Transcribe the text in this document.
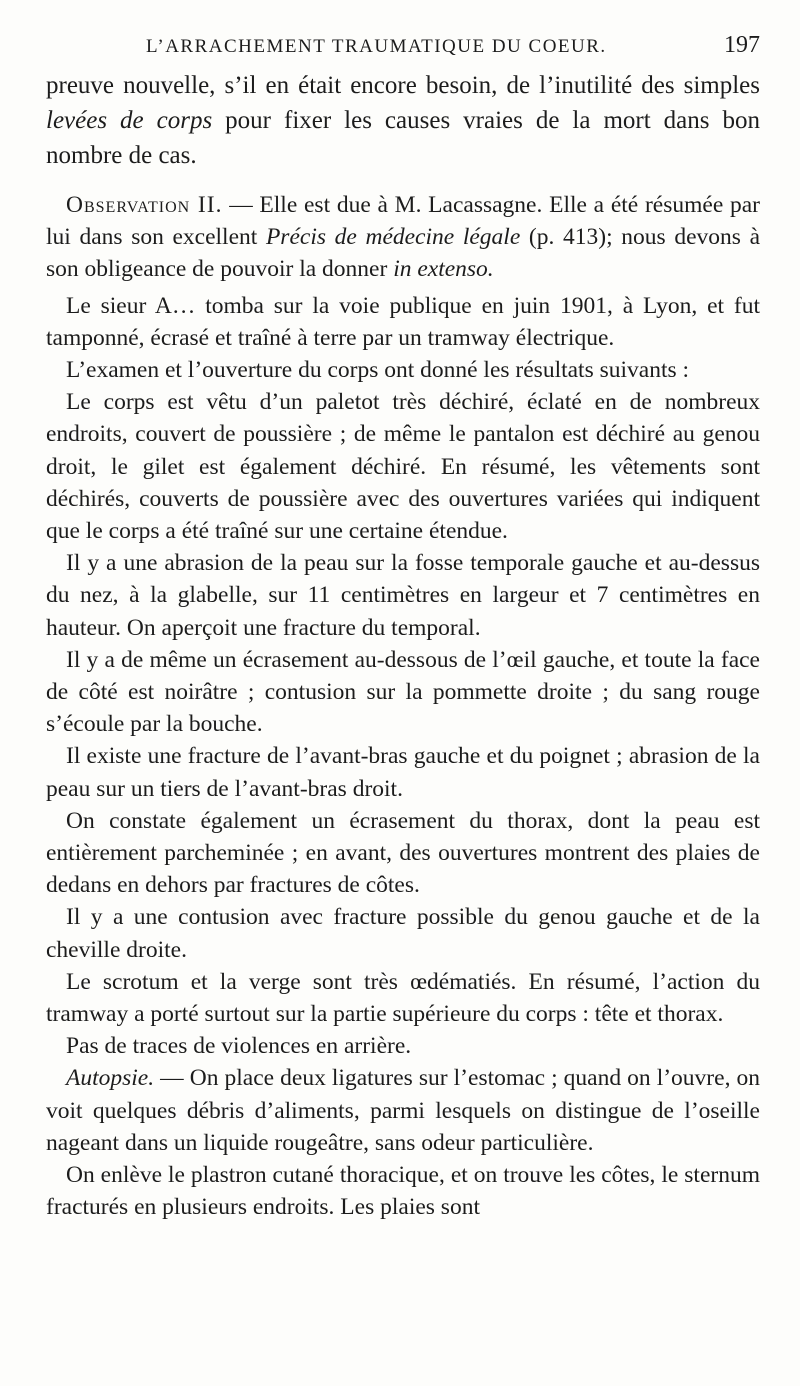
L’ARRACHEMENT TRAUMATIQUE DU COEUR.	197

preuve nouvelle, s’il en était encore besoin, de l’inutilité des simples levées de corps pour fixer les causes vraies de la mort dans bon nombre de cas.

Observation II. — Elle est due à M. Lacassagne. Elle a été résumée par lui dans son excellent Précis de médecine légale (p. 413); nous devons à son obligeance de pouvoir la donner in extenso.

Le sieur A… tomba sur la voie publique en juin 1901, à Lyon, et fut tamponné, écrasé et traîné à terre par un tramway électrique.

L’examen et l’ouverture du corps ont donné les résultats suivants :

Le corps est vêtu d’un paletot très déchiré, éclaté en de nombreux endroits, couvert de poussière ; de même le pantalon est déchiré au genou droit, le gilet est également déchiré. En résumé, les vêtements sont déchirés, couverts de poussière avec des ouvertures variées qui indiquent que le corps a été traîné sur une certaine étendue.

Il y a une abrasion de la peau sur la fosse temporale gauche et au-dessus du nez, à la glabelle, sur 11 centimètres en largeur et 7 centimètres en hauteur. On aperçoit une fracture du temporal.

Il y a de même un écrasement au-dessous de l’œil gauche, et toute la face de côté est noirâtre ; contusion sur la pommette droite ; du sang rouge s’écoule par la bouche.

Il existe une fracture de l’avant-bras gauche et du poignet ; abrasion de la peau sur un tiers de l’avant-bras droit.

On constate également un écrasement du thorax, dont la peau est entièrement parcheminée ; en avant, des ouvertures montrent des plaies de dedans en dehors par fractures de côtes.

Il y a une contusion avec fracture possible du genou gauche et de la cheville droite.

Le scrotum et la verge sont très œdématiés. En résumé, l’action du tramway a porté surtout sur la partie supérieure du corps : tête et thorax.

Pas de traces de violences en arrière.

Autopsie. — On place deux ligatures sur l’estomac ; quand on l’ouvre, on voit quelques débris d’aliments, parmi lesquels on distingue de l’oseille nageant dans un liquide rougeâtre, sans odeur particulière.

On enlève le plastron cutané thoracique, et on trouve les côtes, le sternum fracturés en plusieurs endroits. Les plaies sont
